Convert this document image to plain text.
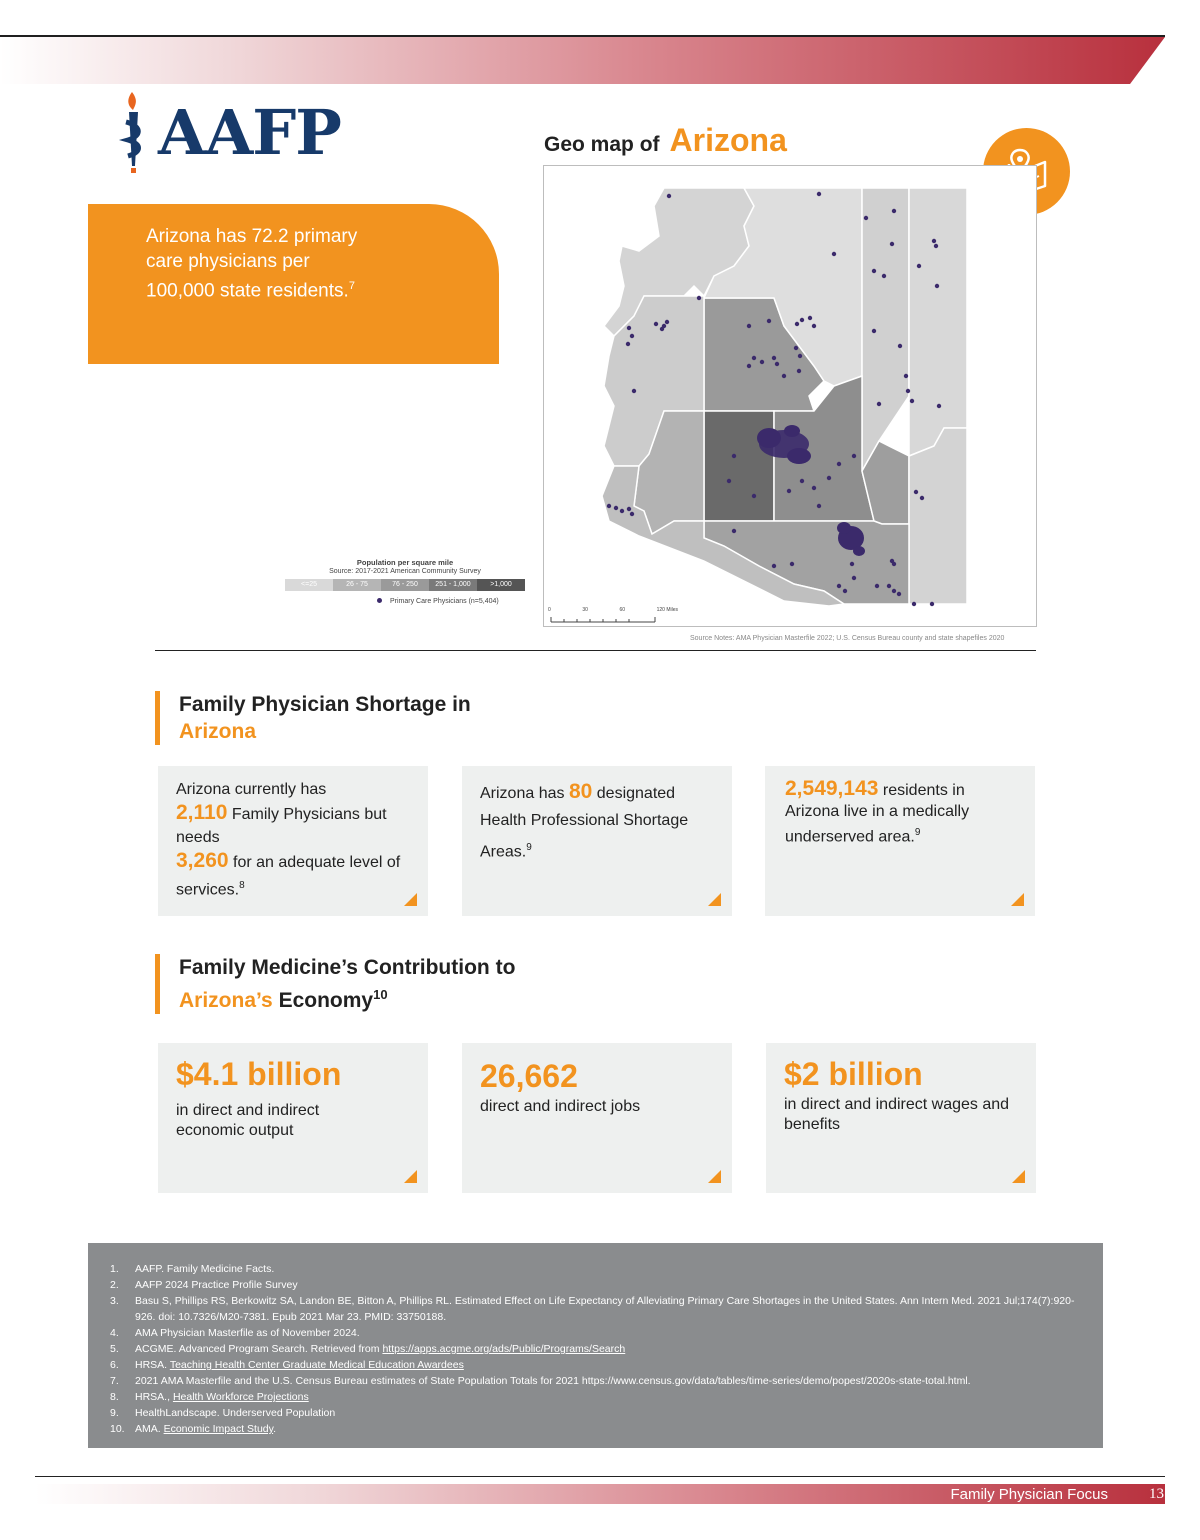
AAFP

Arizona has 72.2 primary care physicians per 100,000 state residents.$^7$

Geo map of Arizona
Population per square mile
Source: 2017-2021 American Community Survey
<=25	26 - 75	76 - 250	251 - 1,000	>1,000
Primary Care Physicians (n=5,404)
0	30	60	120 Miles
Source Notes: AMA Physician Masterfile 2022; U.S. Census Bureau county and state shapefiles 2020
Family Physician Shortage in
Arizona
Arizona currently has
2,110 Family Physicians but needs
3,260 for an adequate level of services.$^8$
Arizona has 80 designated Health Professional Shortage Areas.$^9$
2,549,143 residents in Arizona live in a medically underserved area.$^9$
Family Medicine’s Contribution to
Arizona’s Economy$^{10}$
$4.1 billion
in direct and indirect economic output
26,662
direct and indirect jobs
$2 billion
in direct and indirect wages and benefits
1.	AAFP. Family Medicine Facts.
2.	AAFP 2024 Practice Profile Survey
3.	Basu S, Phillips RS, Berkowitz SA, Landon BE, Bitton A, Phillips RL. Estimated Effect on Life Expectancy of Alleviating Primary Care Shortages in the United States. Ann Intern Med. 2021 Jul;174(7):920-926. doi: 10.7326/M20-7381. Epub 2021 Mar 23. PMID: 33750188.
4.	AMA Physician Masterfile as of November 2024.
5.	ACGME. Advanced Program Search. Retrieved from https://apps.acgme.org/ads/Public/Programs/Search
6.	HRSA. Teaching Health Center Graduate Medical Education Awardees
7.	2021 AMA Masterfile and the U.S. Census Bureau estimates of State Population Totals for 2021 https://www.census.gov/data/tables/time-series/demo/popest/2020s-state-total.html.
8.	HRSA., Health Workforce Projections
9.	HealthLandscape. Underserved Population
10. AMA. Economic Impact Study.
Family Physician Focus	13
